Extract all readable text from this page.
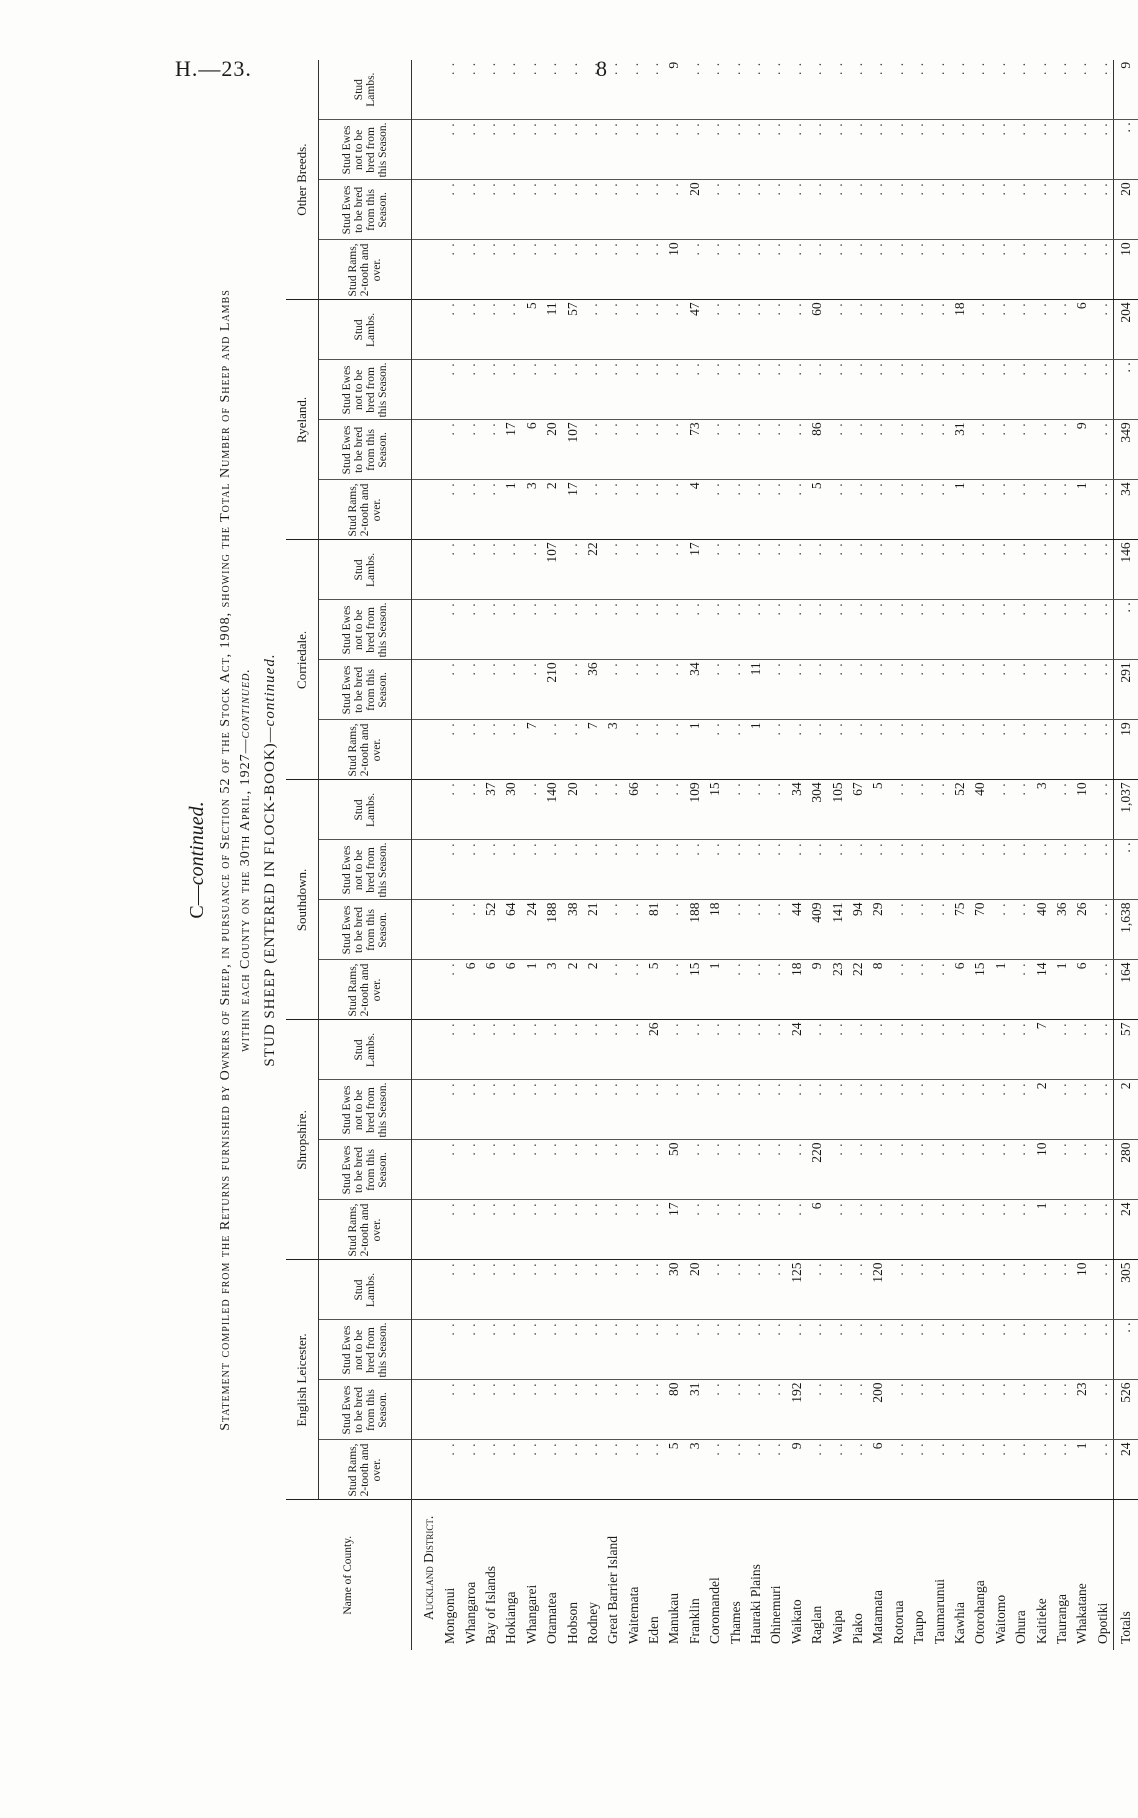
H.—23.	8
C—continued. Statement compiled from the Returns furnished by Owners of Sheep, in pursuance of Section 52 of the Stock Act, 1908, showing the Total Number of Sheep and Lambs within each County on the 30th April, 1927—continued.
STUD SHEEP (ENTERED IN FLOCK-BOOK)—continued.
Name of County.	English Leicester.				Shropshire.				Southdown.				Corriedale.				Ryeland.				Other Breeds.			
	Stud Rams, 2-tooth and over.	Stud Ewes to be bred from this Season.	Stud Ewes not to be bred from this Season.	Stud Lambs.	Stud Rams, 2-tooth and over.	Stud Ewes to be bred from this Season.	Stud Ewes not to be bred from this Season.	Stud Lambs.	Stud Rams, 2-tooth and over.	Stud Ewes to be bred from this Season.	Stud Ewes not to be bred from this Season.	Stud Lambs.	Stud Rams, 2-tooth and over.	Stud Ewes to be bred from this Season.	Stud Ewes not to be bred from this Season.	Stud Lambs.	Stud Rams, 2-tooth and over.	Stud Ewes to be bred from this Season.	Stud Ewes not to be bred from this Season.	Stud Lambs.	Stud Rams, 2-tooth and over.	Stud Ewes to be bred from this Season.	Stud Ewes not to be bred from this Season.	Stud Lambs.
Auckland District.																								
Mongonui	. .	. .	. .	. .	. .	. .	. .	. .	. .	. .	. .	. .	. .	. .	. .	. .	. .	. .	. .	. .	. .	. .	. .	. .
Whangaroa	. .	. .	. .	. .	. .	. .	. .	. .	6	. .	. .	. .	. .	. .	. .	. .	. .	. .	. .	. .	. .	. .	. .	. .
Bay of Islands	. .	. .	. .	. .	. .	. .	. .	. .	6	52	. .	37	. .	. .	. .	. .	. .	. .	. .	. .	. .	. .	. .	. .
Hokianga	. .	. .	. .	. .	. .	. .	. .	. .	6	64	. .	30	. .	. .	. .	. .	1	17	. .	. .	. .	. .	. .	. .
Whangarei	. .	. .	. .	. .	. .	. .	. .	. .	1	24	. .	. .	7	. .	. .	. .	3	6	. .	5	. .	. .	. .	. .
Otamatea	. .	. .	. .	. .	. .	. .	. .	. .	3	188	. .	140	. .	210	. .	107	2	20	. .	11	. .	. .	. .	. .
Hobson	. .	. .	. .	. .	. .	. .	. .	. .	2	38	. .	20	. .	. .	. .	. .	17	107	. .	57	. .	. .	. .	. .
Rodney	. .	. .	. .	. .	. .	. .	. .	. .	2	21	. .	. .	7	36	. .	22	. .	. .	. .	. .	. .	. .	. .	. .
Great Barrier Island	. .	. .	. .	. .	. .	. .	. .	. .	. .	. .	. .	. .	3	. .	. .	. .	. .	. .	. .	. .	. .	. .	. .	. .
Waitemata	. .	. .	. .	. .	. .	. .	. .	. .	. .	. .	. .	66	. .	. .	. .	. .	. .	. .	. .	. .	. .	. .	. .	. .
Eden	. .	. .	. .	. .	. .	. .	. .	26	5	81	. .	. .	. .	. .	. .	. .	. .	. .	. .	. .	. .	. .	. .	. .
Manukau	5	80	. .	30	17	50	. .	. .	. .	. .	. .	. .	. .	. .	. .	. .	. .	. .	. .	. .	10	. .	. .	9
Franklin	3	31	. .	20	. .	. .	. .	. .	15	188	. .	109	1	34	. .	17	4	73	. .	47	. .	20	. .	. .
Coromandel	. .	. .	. .	. .	. .	. .	. .	. .	1	18	. .	15	. .	. .	. .	. .	. .	. .	. .	. .	. .	. .	. .	. .
Thames	. .	. .	. .	. .	. .	. .	. .	. .	. .	. .	. .	. .	. .	. .	. .	. .	. .	. .	. .	. .	. .	. .	. .	. .
Hauraki Plains	. .	. .	. .	. .	. .	. .	. .	. .	. .	. .	. .	. .	1	11	. .	. .	. .	. .	. .	. .	. .	. .	. .	. .
Ohinemuri	. .	. .	. .	. .	. .	. .	. .	. .	. .	. .	. .	. .	. .	. .	. .	. .	. .	. .	. .	. .	. .	. .	. .	. .
Waikato	9	192	. .	125	. .	. .	. .	24	18	44	. .	34	. .	. .	. .	. .	. .	. .	. .	. .	. .	. .	. .	. .
Raglan	. .	. .	. .	. .	6	220	. .	. .	9	409	. .	304	. .	. .	. .	. .	5	86	. .	60	. .	. .	. .	. .
Waipa	. .	. .	. .	. .	. .	. .	. .	. .	23	141	. .	105	. .	. .	. .	. .	. .	. .	. .	. .	. .	. .	. .	. .
Piako	. .	. .	. .	. .	. .	. .	. .	. .	22	94	. .	67	. .	. .	. .	. .	. .	. .	. .	. .	. .	. .	. .	. .
Matamata	6	200	. .	120	. .	. .	. .	. .	8	29	. .	5	. .	. .	. .	. .	. .	. .	. .	. .	. .	. .	. .	. .
Rotorua	. .	. .	. .	. .	. .	. .	. .	. .	. .	. .	. .	. .	. .	. .	. .	. .	. .	. .	. .	. .	. .	. .	. .	. .
Taupo	. .	. .	. .	. .	. .	. .	. .	. .	. .	. .	. .	. .	. .	. .	. .	. .	. .	. .	. .	. .	. .	. .	. .	. .
Taumarunui	. .	. .	. .	. .	. .	. .	. .	. .	. .	. .	. .	. .	. .	. .	. .	. .	. .	. .	. .	. .	. .	. .	. .	. .
Kawhia	. .	. .	. .	. .	. .	. .	. .	. .	6	75	. .	52	. .	. .	. .	. .	1	31	. .	18	. .	. .	. .	. .
Otorohanga	. .	. .	. .	. .	. .	. .	. .	. .	15	70	. .	40	. .	. .	. .	. .	. .	. .	. .	. .	. .	. .	. .	. .
Waitomo	. .	. .	. .	. .	. .	. .	. .	. .	1	. .	. .	. .	. .	. .	. .	. .	. .	. .	. .	. .	. .	. .	. .	. .
Ohura	. .	. .	. .	. .	. .	. .	. .	. .	. .	. .	. .	. .	. .	. .	. .	. .	. .	. .	. .	. .	. .	. .	. .	. .
Kaitieke	. .	. .	. .	. .	1	10	2	7	14	40	. .	3	. .	. .	. .	. .	. .	. .	. .	. .	. .	. .	. .	. .
Tauranga	. .	. .	. .	. .	. .	. .	. .	. .	1	36	. .	. .	. .	. .	. .	. .	. .	. .	. .	. .	. .	. .	. .	. .
Whakatane	1	23	. .	10	. .	. .	. .	. .	6	26	. .	10	. .	. .	. .	. .	1	9	. .	6	. .	. .	. .	. .
Opotiki	. .	. .	. .	. .	. .	. .	. .	. .	. .	. .	. .	. .	. .	. .	. .	. .	. .	. .	. .	. .	. .	. .	. .	. .
Totals	24	526	. .	305	24	280	2	57	164	1,638	. .	1,037	19	291	. .	146	34	349	. .	204	10	20	. .	9
